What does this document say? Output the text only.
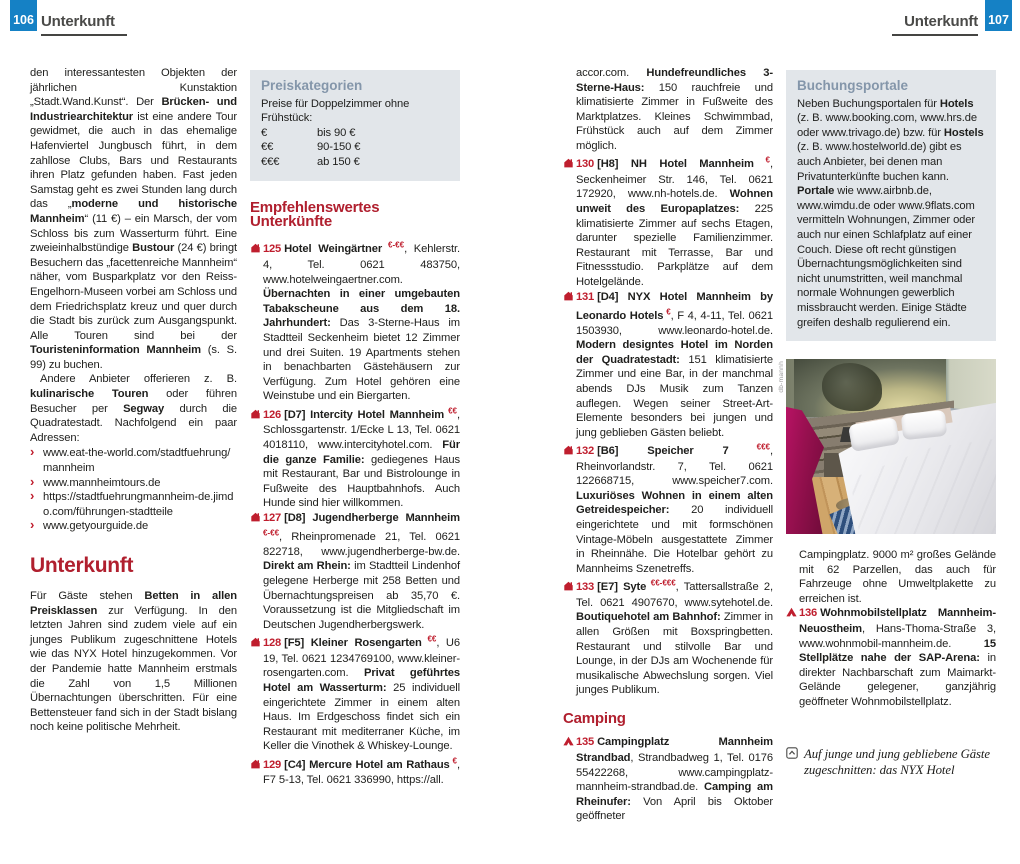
106 Unterkunft	107
Unterkunft

den interessantesten Objekten der jährlichen Kunstaktion „Stadt.Wand.Kunst“. Der Brücken- und Industriearchitektur ist eine andere Tour gewidmet, die auch in das ehemalige Hafenviertel Jungbusch führt, in dem zahllose Clubs, Bars und Restaurants ihren Platz gefunden haben. Fast jeden Samstag geht es zwei Stunden lang durch das „moderne und historische Mannheim“ (11 €) – ein Marsch, der vom Schloss bis zum Wasserturm führt. Eine zweieinhalbstündige Bustour (24 €) bringt Besuchern das „facettenreiche Mannheim“ näher, vom Busparkplatz vor den Reiss-Engelhorn-Museen vorbei am Schloss und dem Friedrichsplatz kreuz und quer durch die Stadt bis zurück zum Ausgangspunkt. Alle Touren sind bei der Touristeninformation Mannheim (s. S. 99) zu buchen.

Andere Anbieter offerieren z. B. kulinarische Touren oder führen Besucher per Segway durch die Quadratestadt. Nachfolgend ein paar Adressen:

› www.eat-the-world.com/stadtfuehrung/mannheim
› www.mannheimtours.de
› https://stadtfuehrungmannheim-de.jimdo.com/führungen-stadtteile
› www.getyourguide.de
Unterkunft

Für Gäste stehen Betten in allen Preisklassen zur Verfügung. In den letzten Jahren sind zudem viele auf ein junges Publikum zugeschnittene Hotels wie das NYX Hotel hinzugekommen. Vor der Pandemie hatte Mannheim erstmals die Zahl von 1,5 Millionen Übernachtungen überschritten. Für eine Bettensteuer fand sich in der Stadt bislang noch keine politische Mehrheit.

Preiskategorien
Preise für Doppelzimmer ohne Frühstück:
€	bis 90 €
€€	90-150 €
€€€	ab 150 €
Empfehlenswertes Unterkünfte

125 Hotel Weingärtner €-€€, Kehlerstr. 4, Tel. 0621 483750, www.hotelweingaertner.com. Übernachten in einer umgebauten Tabakscheune aus dem 18. Jahrhundert: Das 3-Sterne-Haus im Stadtteil Seckenheim bietet 12 Zimmer und drei Suiten. 19 Apartments stehen in benachbarten Gästehäusern zur Verfügung. Zum Hotel gehören eine Weinstube und ein Biergarten.

126 [D7] Intercity Hotel Mannheim €€, Schlossgartenstr. 1/Ecke L 13, Tel. 0621 4018110, www.intercityhotel.com. Für die ganze Familie: gediegenes Haus mit Restaurant, Bar und Bistrolounge in Fußweite des Hauptbahnhofs. Auch Hunde sind hier willkommen.

127 [D8] Jugendherberge Mannheim €-€€, Rheinpromenade 21, Tel. 0621 822718, www.jugendherberge-bw.de. Direkt am Rhein: im Stadtteil Lindenhof gelegene Herberge mit 258 Betten und Übernachtungspreisen ab 35,70 €. Voraussetzung ist die Mitgliedschaft im Deutschen Jugendherbergswerk.

128 [F5] Kleiner Rosengarten €€, U6 19, Tel. 0621 1234769100, www.kleiner-rosengarten.com. Privat geführtes Hotel am Wasserturm: 25 individuell eingerichtete Zimmer in einem alten Haus. Im Erdgeschoss findet sich ein Restaurant mit mediterraner Küche, im Keller die Vinothek & Whiskey-Lounge.

129 [C4] Mercure Hotel am Rathaus €, F7 5-13, Tel. 0621 336990, https://all.

accor.com. Hundefreundliches 3-Sterne-Haus: 150 rauchfreie und klimatisierte Zimmer in Fußweite des Marktplatzes. Kleines Schwimmbad, Frühstück auch auf dem Zimmer möglich.

130 [H8] NH Hotel Mannheim €, Seckenheimer Str. 146, Tel. 0621 172920, www.nh-hotels.de. Wohnen unweit des Europaplatzes: 225 klimatisierte Zimmer auf sechs Etagen, darunter spezielle Familienzimmer. Restaurant mit Terrasse, Bar und Fitnessstudio. Parkplätze auf dem Hotelgelände.

131 [D4] NYX Hotel Mannheim by Leonardo Hotels €, F 4, 4-11, Tel. 0621 1503930, www.leonardo-hotel.de. Modern designtes Hotel im Norden der Quadratestadt: 151 klimatisierte Zimmer und eine Bar, in der manchmal abends DJs Musik zum Tanzen auflegen. Wegen seiner Street-Art-Elemente besonders bei jungen und jung geblieben Gästen beliebt.

132 [B6] Speicher 7 €€€, Rheinvorlandstr. 7, Tel. 0621 122668715, www.speicher7.com. Luxuriöses Wohnen in einem alten Getreidespeicher: 20 individuell eingerichtete und mit formschönen Vintage-Möbeln ausgestattete Zimmer in Rheinnähe. Die Hotelbar gehört zu Mannheims Szenetreffs.

133 [E7] Syte €€-€€€, Tattersallstraße 2, Tel. 0621 4907670, www.sytehotel.de. Boutiquehotel am Bahnhof: Zimmer in allen Größen mit Boxspringbetten. Restaurant und stilvolle Bar und Lounge, in der DJs am Wochenende für musikalische Abwechslung sorgen. Viel junges Publikum.

Camping

135 Campingplatz Mannheim Strandbad, Strandbadweg 1, Tel. 0176 55422268, www.campingplatz-mannheim-strandbad.de. Camping am Rheinufer: Von April bis Oktober geöffneter

Buchungsportale

Neben Buchungsportalen für Hotels (z. B. www.booking.com, www.hrs.de oder www.trivago.de) bzw. für Hostels (z. B. www.hostelworld.de) gibt es auch Anbieter, bei denen man Privatunterkünfte buchen kann. Portale wie www.airbnb.de, www.wimdu.de oder www.9flats.com vermitteln Wohnungen, Zimmer oder auch nur einen Schlafplatz auf einer Couch. Diese oft recht günstigen Übernachtungsmöglichkeiten sind nicht unumstritten, weil manchmal normale Wohnungen gewerblich missbraucht werden. Einige Städte greifen deshalb regulierend ein.

db-mannh

Campingplatz. 9000 m² großes Gelände mit 62 Parzellen, das auch für Fahrzeuge ohne Umweltplakette zu erreichen ist.

136 Wohnmobilstellplatz Mannheim-Neuostheim, Hans-Thoma-Straße 3, www.wohnmobil-mannheim.de. 15 Stellplätze nahe der SAP-Arena: in direkter Nachbarschaft zum Maimarkt-Gelände gelegener, ganzjährig geöffneter Wohnmobilstellplatz.

Auf junge und jung gebliebene Gäste zugeschnitten: das NYX Hotel
